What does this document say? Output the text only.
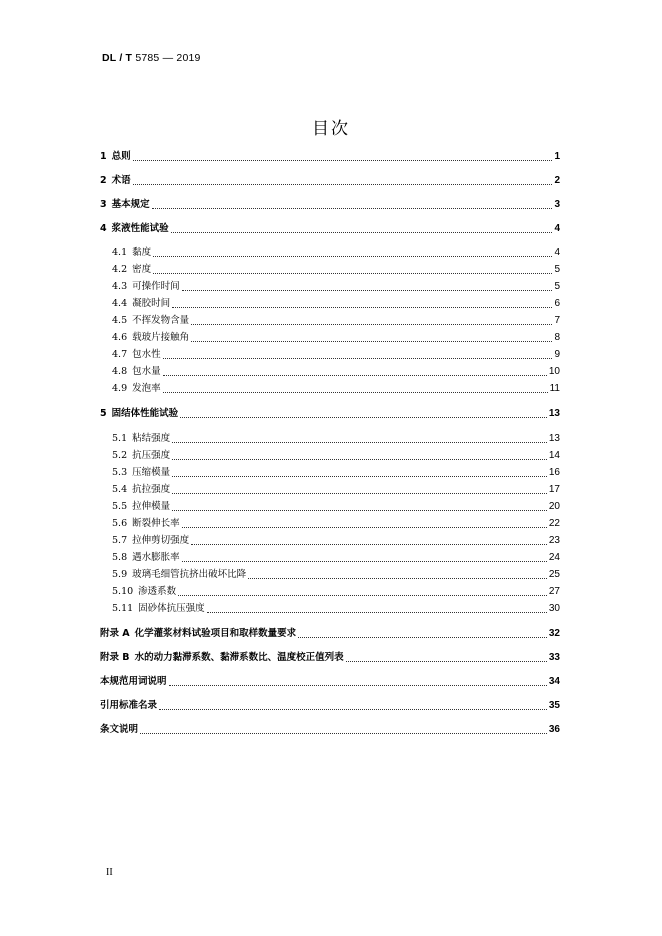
DL / T 5785 — 2019
目次
1 总则	1
2 术语	2
3 基本规定	3
4 浆液性能试验	4
4.1 黏度	4
4.2 密度	5
4.3 可操作时间	5
4.4 凝胶时间	6
4.5 不挥发物含量	7
4.6 载玻片接触角	8
4.7 包水性	9
4.8 包水量	10
4.9 发泡率	11
5 固结体性能试验	13
5.1 粘结强度	13
5.2 抗压强度	14
5.3 压缩模量	16
5.4 抗拉强度	17
5.5 拉伸模量	20
5.6 断裂伸长率	22
5.7 拉伸剪切强度	23
5.8 遇水膨胀率	24
5.9 玻璃毛细管抗挤出破坏比降	25
5.10 渗透系数	27
5.11 固砂体抗压强度	30
附录 A 化学灌浆材料试验项目和取样数量要求	32
附录 B 水的动力黏滞系数、黏滞系数比、温度校正值列表	33
本规范用词说明	34
引用标准名录	35
条文说明	36
II
